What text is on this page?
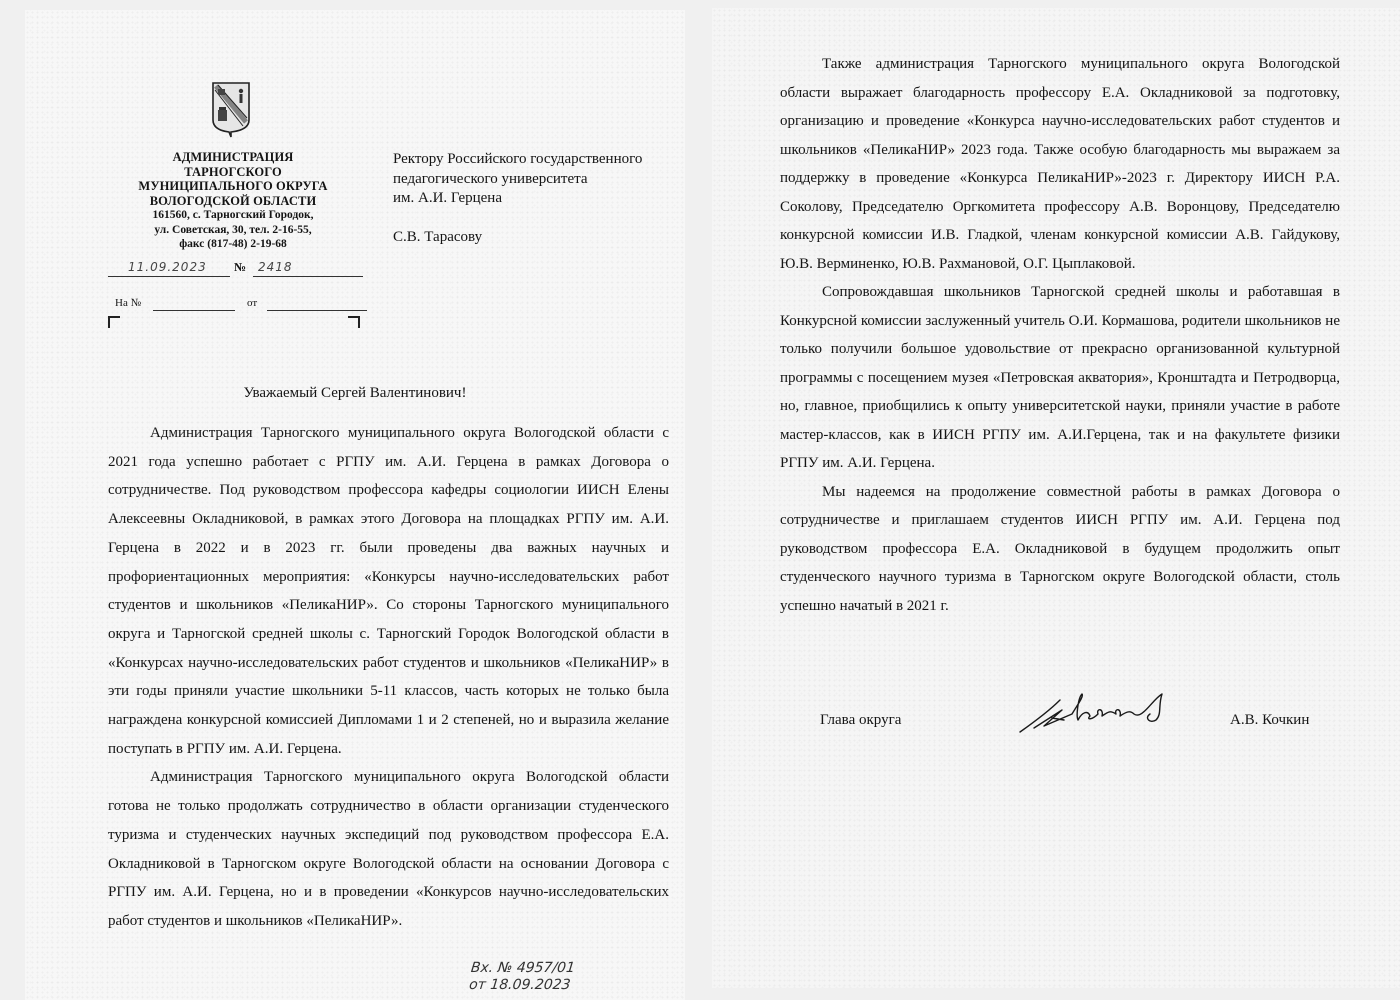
АДМИНИСТРАЦИЯ
ТАРНОГСКОГО
МУНИЦИПАЛЬНОГО ОКРУГА
ВОЛОГОДСКОЙ ОБЛАСТИ
161560, с. Тарногский Городок,
ул. Советская, 30, тел. 2-16-55,
факс (817-48) 2-19-68
11.09.2023 № 2418
На №	от
Ректору Российского государственного
педагогического университета
им. А.И. Герцена
С.В. Тарасову
Уважаемый Сергей Валентинович!

Администрация Тарногского муниципального округа Вологодской области с 2021 года успешно работает с РГПУ им. А.И. Герцена в рамках Договора о сотрудничестве. Под руководством профессора кафедры социологии ИИСН Елены Алексеевны Окладниковой, в рамках этого Договора на площадках РГПУ им. А.И. Герцена в 2022 и в 2023 гг. были проведены два важных научных и профориентационных мероприятия: «Конкурсы научно-исследовательских работ студентов и школьников «ПеликаНИР». Со стороны Тарногского муниципального округа и Тарногской средней школы с. Тарногский Городок Вологодской области в «Конкурсах научно-исследовательских работ студентов и школьников «ПеликаНИР» в эти годы приняли участие школьники 5-11 классов, часть которых не только была награждена конкурсной комиссией Дипломами 1 и 2 степеней, но и выразила желание поступать в РГПУ им. А.И. Герцена.

Администрация Тарногского муниципального округа Вологодской области готова не только продолжать сотрудничество в области организации студенческого туризма и студенческих научных экспедиций под руководством профессора Е.А. Окладниковой в Тарногском округе Вологодской области на основании Договора с РГПУ им. А.И. Герцена, но и в проведении «Конкурсов научно-исследовательских работ студентов и школьников «ПеликаНИР».

Вх. № 4957/01
от 18.09.2023

Также администрация Тарногского муниципального округа Вологодской области выражает благодарность профессору Е.А. Окладниковой за подготовку, организацию и проведение «Конкурса научно-исследовательских работ студентов и школьников «ПеликаНИР» 2023 года. Также особую благодарность мы выражаем за поддержку в проведение «Конкурса ПеликаНИР»-2023 г. Директору ИИСН Р.А. Соколову, Председателю Оргкомитета профессору А.В. Воронцову, Председателю конкурсной комиссии И.В. Гладкой, членам конкурсной комиссии А.В. Гайдукову, Ю.В. Верминенко, Ю.В. Рахмановой, О.Г. Цыплаковой.

Сопровождавшая школьников Тарногской средней школы и работавшая в Конкурсной комиссии заслуженный учитель О.И. Кормашова, родители школьников не только получили большое удовольствие от прекрасно организованной культурной программы с посещением музея «Петровская акватория», Кронштадта и Петродворца, но, главное, приобщились к опыту университетской науки, приняли участие в работе мастер-классов, как в ИИСН РГПУ им. А.И.Герцена, так и на факультете физики РГПУ им. А.И. Герцена.

Мы надеемся на продолжение совместной работы в рамках Договора о сотрудничестве и приглашаем студентов ИИСН РГПУ им. А.И. Герцена под руководством профессора Е.А. Окладниковой в будущем продолжить опыт студенческого научного туризма в Тарногском округе Вологодской области, столь успешно начатый в 2021 г.

Глава округа	А.В. Кочкин
